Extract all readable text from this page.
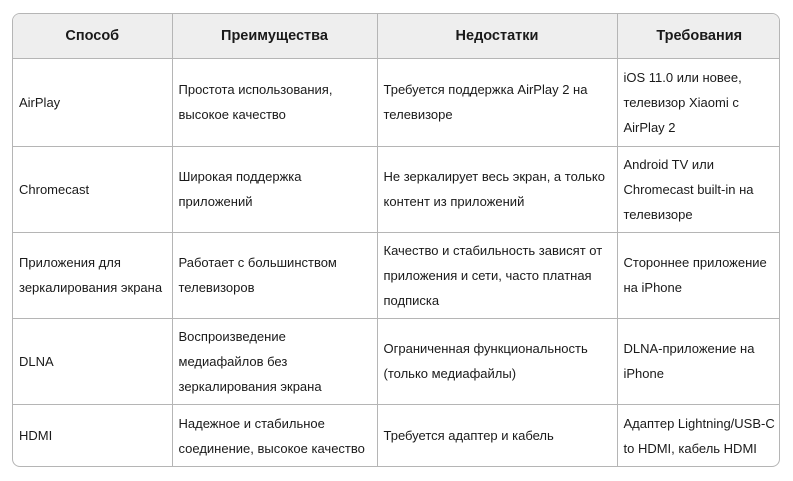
Способ	Преимущества	Недостатки	Требования

AirPlay	Простота использования, высокое качество	Требуется поддержка AirPlay 2 на телевизоре	iOS 11.0 или новее, телевизор Xiaomi с AirPlay 2

Chromecast	Широкая поддержка приложений	Не зеркалирует весь экран, а только контент из приложений	Android TV или Chromecast built-in на телевизоре

Приложения для зеркалирования экрана	Работает с большинством телевизоров	Качество и стабильность зависят от приложения и сети, часто платная подписка	Стороннее приложение на iPhone

DLNA	Воспроизведение медиафайлов без зеркалирования экрана	Ограниченная функциональность (только медиафайлы)	DLNA-приложение на iPhone

HDMI	Надежное и стабильное соединение, высокое качество	Требуется адаптер и кабель	Адаптер Lightning/USB-C to HDMI, кабель HDMI
